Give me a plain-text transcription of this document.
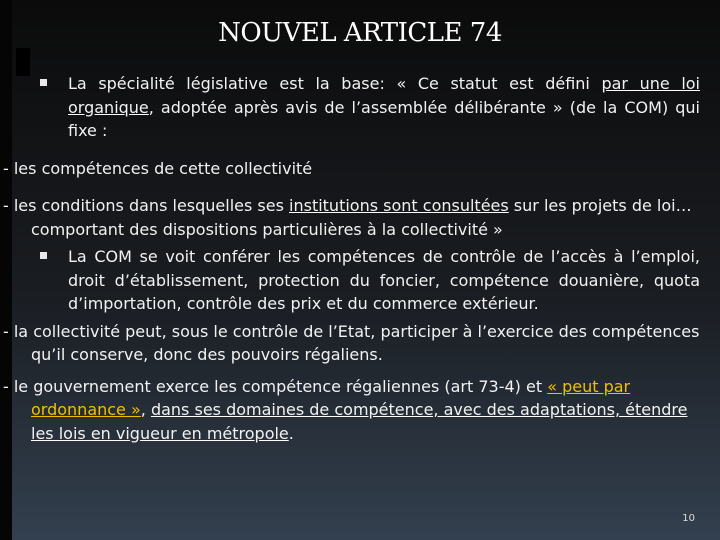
NOUVEL ARTICLE 74
La spécialité législative est la base: « Ce statut est défini par une loi organique, adoptée après avis de l’assemblée délibérante » (de la COM) qui fixe :

- les compétences de cette collectivité

- les conditions dans lesquelles ses institutions sont consultées sur les projets de loi… comportant des dispositions particulières à la collectivité »

La COM se voit conférer les compétences de contrôle de l’accès à l’emploi, droit d’établissement, protection du foncier, compétence douanière, quota d’importation, contrôle des prix et du commerce extérieur.

- la collectivité peut, sous le contrôle de l’Etat, participer à l’exercice des compétences qu’il conserve, donc des pouvoirs régaliens.

- le gouvernement exerce les compétence régaliennes (art 73-4) et « peut par ordonnance », dans ses domaines de compétence, avec des adaptations, étendre les lois en vigueur en métropole.

10
